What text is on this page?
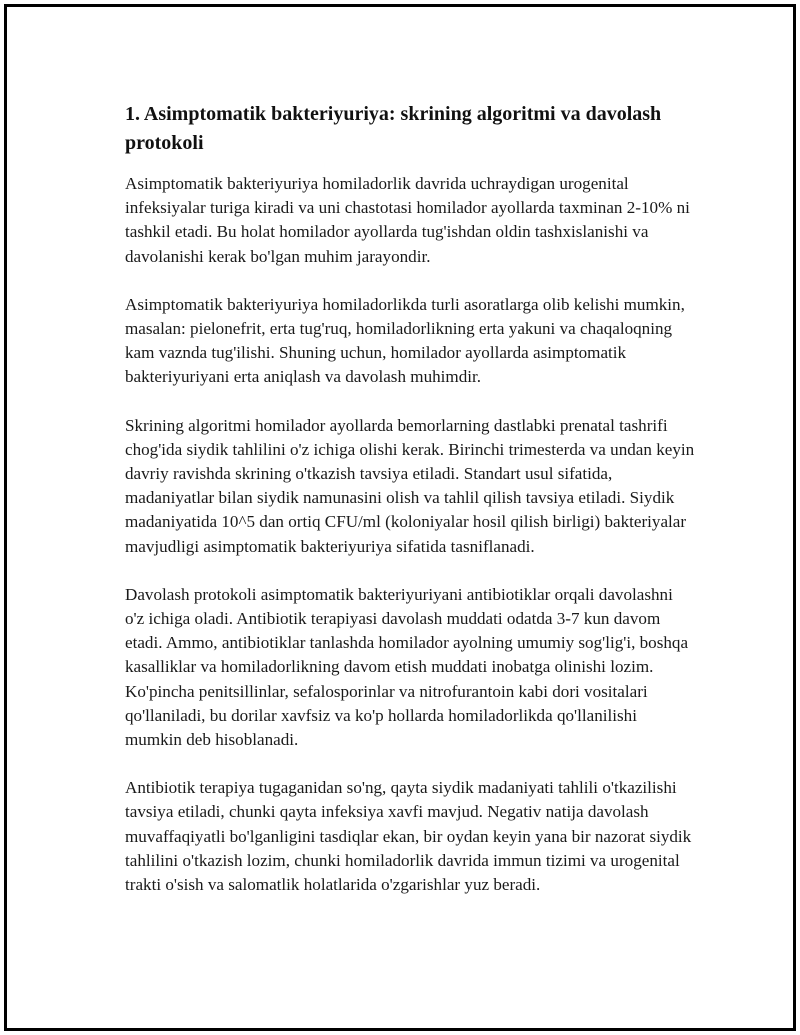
1. Asimptomatik bakteriyuriya: skrining algoritmi va davolash protokoli

Asimptomatik bakteriyuriya homiladorlik davrida uchraydigan urogenital infeksiyalar turiga kiradi va uni chastotasi homilador ayollarda taxminan 2-10% ni tashkil etadi. Bu holat homilador ayollarda tug'ishdan oldin tashxislanishi va davolanishi kerak bo'lgan muhim jarayondir.

Asimptomatik bakteriyuriya homiladorlikda turli asoratlarga olib kelishi mumkin, masalan: pielonefrit, erta tug'ruq, homiladorlikning erta yakuni va chaqaloqning kam vaznda tug'ilishi. Shuning uchun, homilador ayollarda asimptomatik bakteriyuriyani erta aniqlash va davolash muhimdir.

Skrining algoritmi homilador ayollarda bemorlarning dastlabki prenatal tashrifi chog'ida siydik tahlilini o'z ichiga olishi kerak. Birinchi trimesterda va undan keyin davriy ravishda skrining o'tkazish tavsiya etiladi. Standart usul sifatida, madaniyatlar bilan siydik namunasini olish va tahlil qilish tavsiya etiladi. Siydik madaniyatida 10^5 dan ortiq CFU/ml (koloniyalar hosil qilish birligi) bakteriyalar mavjudligi asimptomatik bakteriyuriya sifatida tasniflanadi.

Davolash protokoli asimptomatik bakteriyuriyani antibiotiklar orqali davolashni o'z ichiga oladi. Antibiotik terapiyasi davolash muddati odatda 3-7 kun davom etadi. Ammo, antibiotiklar tanlashda homilador ayolning umumiy sog'lig'i, boshqa kasalliklar va homiladorlikning davom etish muddati inobatga olinishi lozim. Ko'pincha penitsillinlar, sefalosporinlar va nitrofurantoin kabi dori vositalari qo'llaniladi, bu dorilar xavfsiz va ko'p hollarda homiladorlikda qo'llanilishi mumkin deb hisoblanadi.

Antibiotik terapiya tugaganidan so'ng, qayta siydik madaniyati tahlili o'tkazilishi tavsiya etiladi, chunki qayta infeksiya xavfi mavjud. Negativ natija davolash muvaffaqiyatli bo'lganligini tasdiqlar ekan, bir oydan keyin yana bir nazorat siydik tahlilini o'tkazish lozim, chunki homiladorlik davrida immun tizimi va urogenital trakti o'sish va salomatlik holatlarida o'zgarishlar yuz beradi.
